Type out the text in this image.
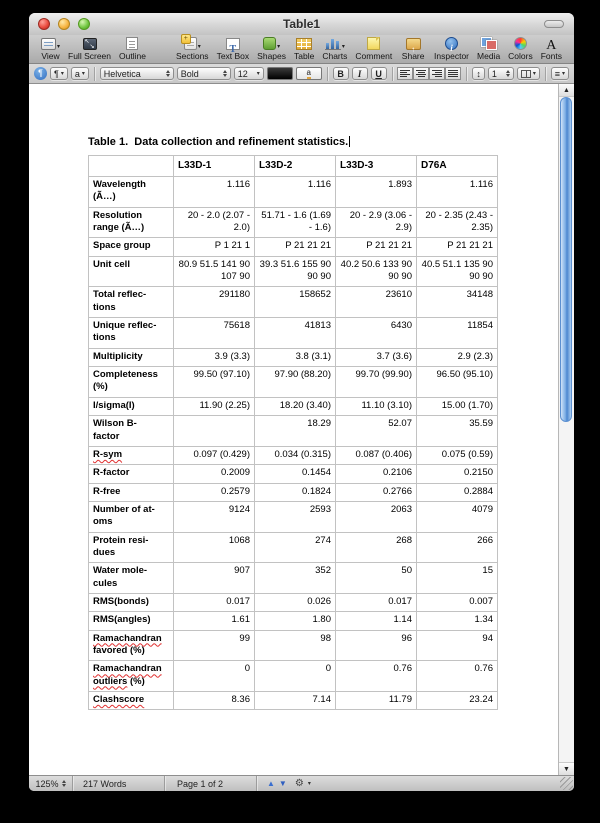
Table1
▾
View
↖ ↘ Full Screen Outline
+
▾
Sections
T Text Box
▾
Shapes Table
▾
Charts Comment
↑ Share
i Inspector Media Colors
A Fonts
¶	¶ ▾ a ▾ Helvetica	Bold	12 ▾	a	B	I	U	↕	1	▾ ≡ ▾
Table 1.  Data collection and refinement statistics.
	L33D-1	L33D-2	L33D-3	D76A
Wavelength
(Ã…)	1.116	1.116	1.893	1.116
Resolution
range (Ã…)	20 - 2.0 (2.07 - 2.0)	51.71 - 1.6 (1.69 - 1.6)	20 - 2.9 (3.06 - 2.9)	20 - 2.35 (2.43 - 2.35)
Space group	P 1 21 1	P 21 21 21	P 21 21 21	P 21 21 21
Unit cell	80.9 51.5 141 90 107 90	39.3 51.6 155 90 90 90	40.2 50.6 133 90 90 90	40.5 51.1 135 90 90 90
Total reflec-
tions	291180	158652	23610	34148
Unique reflec-
tions	75618	41813	6430	11854
Multiplicity	3.9 (3.3)	3.8 (3.1)	3.7 (3.6)	2.9 (2.3)
Completeness
(%)	99.50 (97.10)	97.90 (88.20)	99.70 (99.90)	96.50 (95.10)
I/sigma(I)	11.90 (2.25)	18.20 (3.40)	11.10 (3.10)	15.00 (1.70)
Wilson B-
factor		18.29	52.07	35.59
R-sym	0.097 (0.429)	0.034 (0.315)	0.087 (0.406)	0.075 (0.59)
R-factor	0.2009	0.1454	0.2106	0.2150
R-free	0.2579	0.1824	0.2766	0.2884
Number of at-
oms	9124	2593	2063	4079
Protein resi-
dues	1068	274	268	266
Water mole-
cules	907	352	50	15
RMS(bonds)	0.017	0.026	0.017	0.007
RMS(angles)	1.61	1.80	1.14	1.34
Ramachandran
favored (%)	99	98	96	94
Ramachandran
outliers (%)	0	0	0.76	0.76
Clashscore	8.36	7.14	11.79	23.24
▲
▼
125%	217 Words	Page 1 of 2	▲ ▼ ⚙ ▾
